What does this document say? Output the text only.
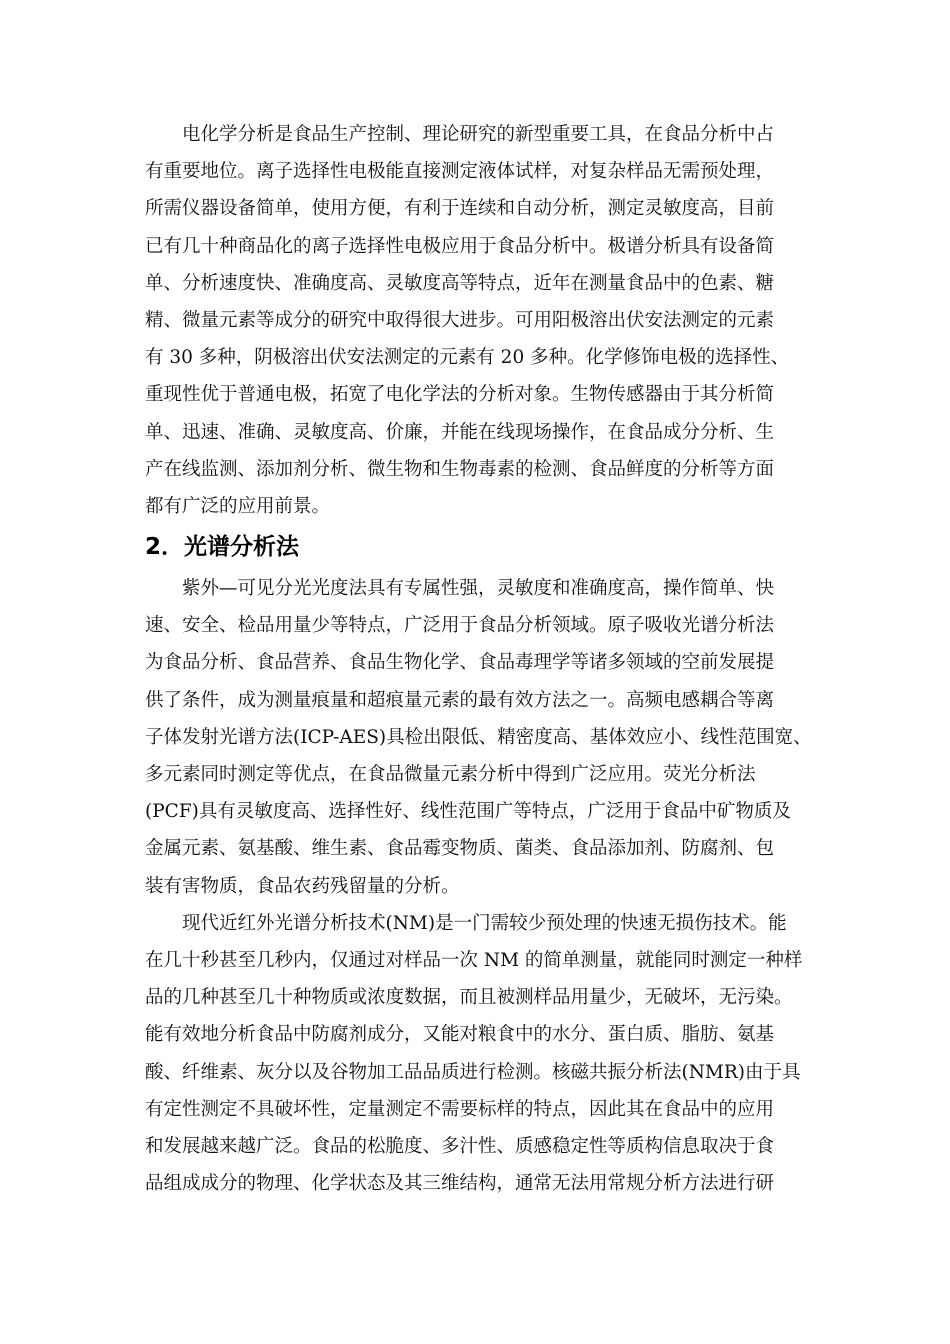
　　电化学分析是食品生产控制、理论研究的新型重要工具，在食品分析中占
有重要地位。离子选择性电极能直接测定液体试样，对复杂样品无需预处理，
所需仪器设备简单，使用方便，有利于连续和自动分析，测定灵敏度高，目前
已有几十种商品化的离子选择性电极应用于食品分析中。极谱分析具有设备简
单、分析速度快、准确度高、灵敏度高等特点，近年在测量食品中的色素、糖
精、微量元素等成分的研究中取得很大进步。可用阳极溶出伏安法测定的元素
有 30 多种，阴极溶出伏安法测定的元素有 20 多种。化学修饰电极的选择性、
重现性优于普通电极，拓宽了电化学法的分析对象。生物传感器由于其分析简
单、迅速、准确、灵敏度高、价廉，并能在线现场操作，在食品成分分析、生
产在线监测、添加剂分析、微生物和生物毒素的检测、食品鲜度的分析等方面
都有广泛的应用前景。

2．光谱分析法

　　紫外—可见分光光度法具有专属性强，灵敏度和准确度高，操作简单、快
速、安全、检品用量少等特点，广泛用于食品分析领域。原子吸收光谱分析法
为食品分析、食品营养、食品生物化学、食品毒理学等诸多领域的空前发展提
供了条件，成为测量痕量和超痕量元素的最有效方法之一。高频电感耦合等离
子体发射光谱方法(ICP-AES)具检出限低、精密度高、基体效应小、线性范围宽、
多元素同时测定等优点，在食品微量元素分析中得到广泛应用。荧光分析法
(PCF)具有灵敏度高、选择性好、线性范围广等特点，广泛用于食品中矿物质及
金属元素、氨基酸、维生素、食品霉变物质、菌类、食品添加剂、防腐剂、包
装有害物质，食品农药残留量的分析。

　　现代近红外光谱分析技术(NM)是一门需较少预处理的快速无损伤技术。能
在几十秒甚至几秒内，仅通过对样品一次 NM 的简单测量，就能同时测定一种样
品的几种甚至几十种物质或浓度数据，而且被测样品用量少，无破坏，无污染。
能有效地分析食品中防腐剂成分，又能对粮食中的水分、蛋白质、脂肪、氨基
酸、纤维素、灰分以及谷物加工品品质进行检测。核磁共振分析法(NMR)由于具
有定性测定不具破坏性，定量测定不需要标样的特点，因此其在食品中的应用
和发展越来越广泛。食品的松脆度、多汁性、质感稳定性等质构信息取决于食
品组成成分的物理、化学状态及其三维结构，通常无法用常规分析方法进行研
